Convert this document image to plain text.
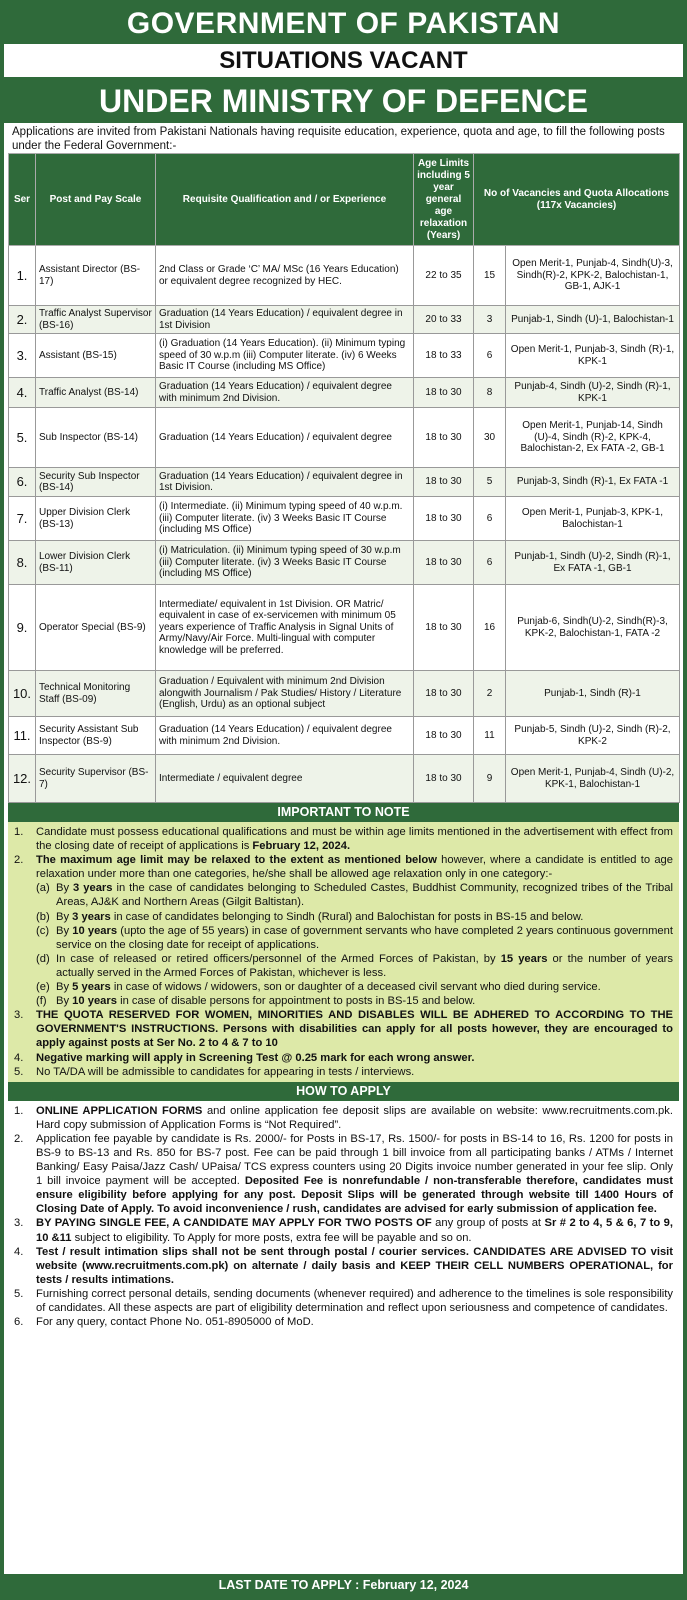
GOVERNMENT OF PAKISTAN
SITUATIONS VACANT
UNDER MINISTRY OF DEFENCE
Applications are invited from Pakistani Nationals having requisite education, experience, quota and age, to fill the following posts under the Federal Government:-
Ser	Post and Pay Scale	Requisite Qualification and / or Experience	Age Limits including 5 year general age relaxation (Years)	No of Vacancies and Quota Allocations (117x Vacancies)	
1.	Assistant Director (BS-17)	2nd Class or Grade ‘C’ MA/ MSc (16 Years Education) or equivalent degree recognized by HEC.	22 to 35	15	Open Merit-1, Punjab-4, Sindh(U)-3, Sindh(R)-2, KPK-2, Balochistan-1, GB-1, AJK-1
2.	Traffic Analyst Supervisor (BS-16)	Graduation (14 Years Education) / equivalent degree in 1st Division	20 to 33	3	Punjab-1, Sindh (U)-1, Balochistan-1
3.	Assistant (BS-15)	(i) Graduation (14 Years Education). (ii) Minimum typing speed of 30 w.p.m (iii) Computer literate. (iv) 6 Weeks Basic IT Course (including MS Office)	18 to 33	6	Open Merit-1, Punjab-3, Sindh (R)-1, KPK-1
4.	Traffic Analyst (BS-14)	Graduation (14 Years Education) / equivalent degree with minimum 2nd Division.	18 to 30	8	Punjab-4, Sindh (U)-2, Sindh (R)-1, KPK-1
5.	Sub Inspector (BS-14)	Graduation (14 Years Education) / equivalent degree	18 to 30	30	Open Merit-1, Punjab-14, Sindh (U)-4, Sindh (R)-2, KPK-4, Balochistan-2, Ex FATA -2, GB-1
6.	Security Sub Inspector (BS-14)	Graduation (14 Years Education) / equivalent degree in 1st Division.	18 to 30	5	Punjab-3, Sindh (R)-1, Ex FATA -1
7.	Upper Division Clerk (BS-13)	(i) Intermediate. (ii) Minimum typing speed of 40 w.p.m. (iii) Computer literate. (iv) 3 Weeks Basic IT Course (including MS Office)	18 to 30	6	Open Merit-1, Punjab-3, KPK-1, Balochistan-1
8.	Lower Division Clerk (BS-11)	(i) Matriculation. (ii) Minimum typing speed of 30 w.p.m (iii) Computer literate. (iv) 3 Weeks Basic IT Course (including MS Office)	18 to 30	6	Punjab-1, Sindh (U)-2, Sindh (R)-1, Ex FATA -1, GB-1
9.	Operator Special (BS-9)	Intermediate/ equivalent in 1st Division. OR Matric/ equivalent in case of ex-servicemen with minimum 05 years experience of Traffic Analysis in Signal Units of Army/Navy/Air Force. Multi-lingual with computer knowledge will be preferred.	18 to 30	16	Punjab-6, Sindh(U)-2, Sindh(R)-3, KPK-2, Balochistan-1, FATA -2
10.	Technical Monitoring Staff (BS-09)	Graduation / Equivalent with minimum 2nd Division alongwith Journalism / Pak Studies/ History / Literature (English, Urdu) as an optional subject	18 to 30	2	Punjab-1, Sindh (R)-1
11.	Security Assistant Sub Inspector (BS-9)	Graduation (14 Years Education) / equivalent degree with minimum 2nd Division.	18 to 30	11	Punjab-5, Sindh (U)-2, Sindh (R)-2, KPK-2
12.	Security Supervisor (BS-7)	Intermediate / equivalent degree	18 to 30	9	Open Merit-1, Punjab-4, Sindh (U)-2, KPK-1, Balochistan-1
IMPORTANT TO NOTE
1.	Candidate must possess educational qualifications and must be within age limits mentioned in the advertisement with effect from the closing date of receipt of applications is February 12, 2024.
2.	The maximum age limit may be relaxed to the extent as mentioned below however, where a candidate is entitled to age relaxation under more than one categories, he/she shall be allowed age relaxation only in one category:-
(a) By 3 years in the case of candidates belonging to Scheduled Castes, Buddhist Community, recognized tribes of the Tribal Areas, AJ&K and Northern Areas (Gilgit Baltistan).
(b) By 3 years in case of candidates belonging to Sindh (Rural) and Balochistan for posts in BS-15 and below.
(c) By 10 years (upto the age of 55 years) in case of government servants who have completed 2 years continuous government service on the closing date for receipt of applications.
(d) In case of released or retired officers/personnel of the Armed Forces of Pakistan, by 15 years or the number of years actually served in the Armed Forces of Pakistan, whichever is less.
(e) By 5 years in case of widows / widowers, son or daughter of a deceased civil servant who died during service.
(f) By 10 years in case of disable persons for appointment to posts in BS-15 and below.
3.	THE QUOTA RESERVED FOR WOMEN, MINORITIES AND DISABLES WILL BE ADHERED TO ACCORDING TO THE GOVERNMENT'S INSTRUCTIONS. Persons with disabilities can apply for all posts however, they are encouraged to apply against posts at Ser No. 2 to 4 & 7 to 10
4.	Negative marking will apply in Screening Test @ 0.25 mark for each wrong answer.
5.	No TA/DA will be admissible to candidates for appearing in tests / interviews.
HOW TO APPLY
1.	ONLINE APPLICATION FORMS and online application fee deposit slips are available on website: www.recruitments.com.pk. Hard copy submission of Application Forms is “Not Required”.
2.	Application fee payable by candidate is Rs. 2000/- for Posts in BS-17, Rs. 1500/- for posts in BS-14 to 16, Rs. 1200 for posts in BS-9 to BS-13 and Rs. 850 for BS-7 post. Fee can be paid through 1 bill invoice from all participating banks / ATMs / Internet Banking/ Easy Paisa/Jazz Cash/ UPaisa/ TCS express counters using 20 Digits invoice number generated in your fee slip. Only 1 bill invoice payment will be accepted. Deposited Fee is nonrefundable / non-transferable therefore, candidates must ensure eligibility before applying for any post. Deposit Slips will be generated through website till 1400 Hours of Closing Date of Apply. To avoid inconvenience / rush, candidates are advised for early submission of application fee.
3.	BY PAYING SINGLE FEE, A CANDIDATE MAY APPLY FOR TWO POSTS OF any group of posts at Sr # 2 to 4, 5 & 6, 7 to 9, 10 &11 subject to eligibility. To Apply for more posts, extra fee will be payable and so on.
4.	Test / result intimation slips shall not be sent through postal / courier services. CANDIDATES ARE ADVISED TO visit website (www.recruitments.com.pk) on alternate / daily basis and KEEP THEIR CELL NUMBERS OPERATIONAL, for tests / results intimations.
5.	Furnishing correct personal details, sending documents (whenever required) and adherence to the timelines is sole responsibility of candidates. All these aspects are part of eligibility determination and reflect upon seriousness and competence of candidates.
6.	For any query, contact Phone No. 051-8905000 of MoD.
LAST DATE TO APPLY : February 12, 2024
